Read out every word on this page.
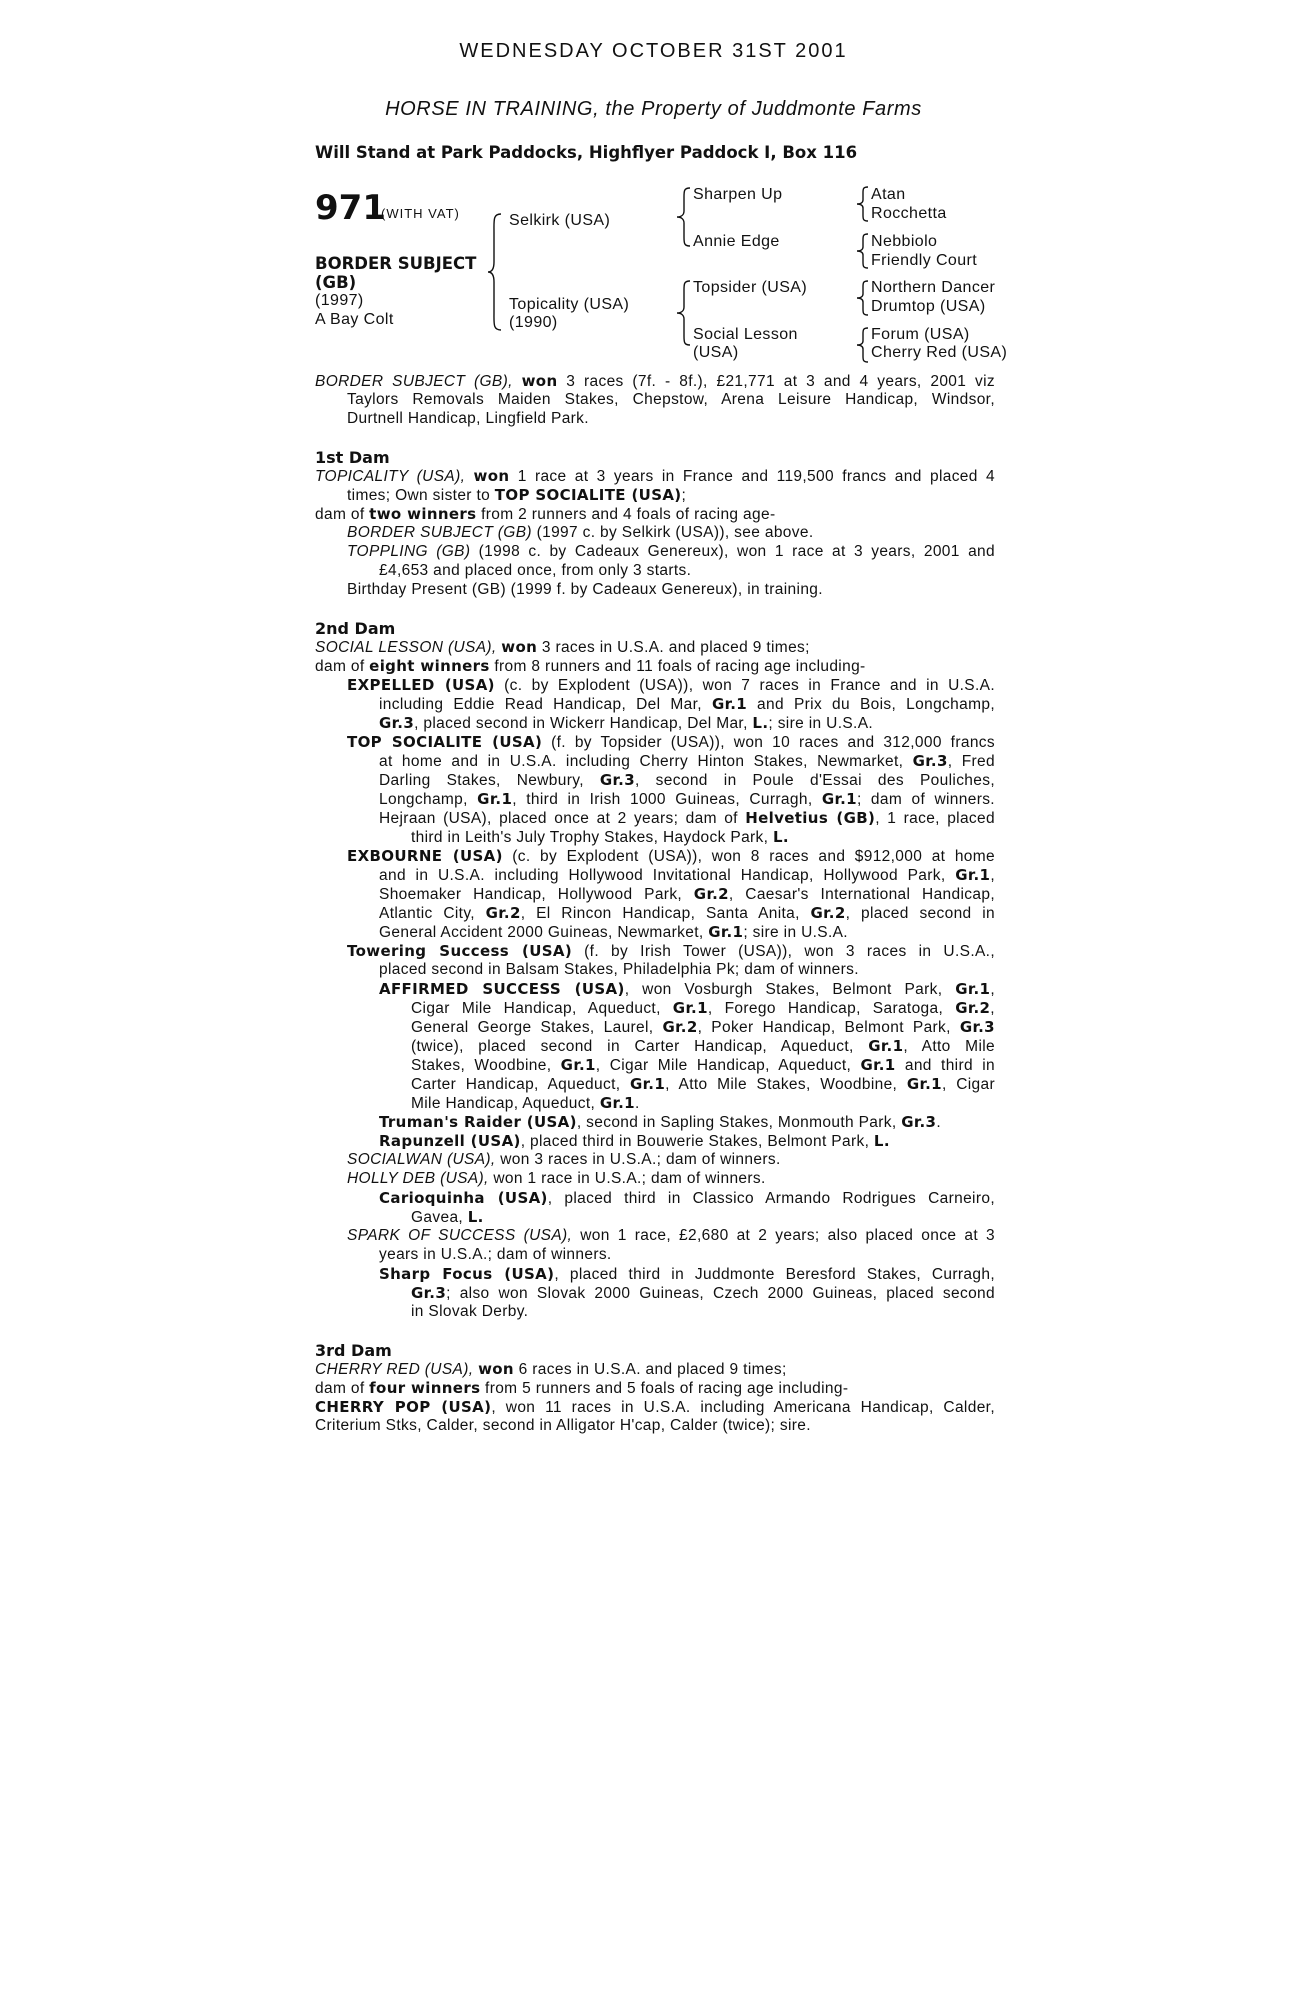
WEDNESDAY OCTOBER 31ST 2001
HORSE IN TRAINING, the Property of Juddmonte Farms
Will Stand at Park Paddocks, Highflyer Paddock I, Box 116
971
(WITH VAT)
BORDER SUBJECT
(GB)
(1997)
A Bay Colt
Selkirk (USA)
Topicality (USA)
(1990)
Sharpen Up
Annie Edge
Topsider (USA)
Social Lesson
(USA)
Atan
Rocchetta
Nebbiolo
Friendly Court
Northern Dancer
Drumtop (USA)
Forum (USA)
Cherry Red (USA)
BORDER SUBJECT (GB), won 3 races (7f. - 8f.), £21,771 at 3 and 4 years, 2001 viz
Taylors Removals Maiden Stakes, Chepstow, Arena Leisure Handicap, Windsor,
Durtnell Handicap, Lingfield Park.
1st Dam
TOPICALITY (USA), won 1 race at 3 years in France and 119,500 francs and placed 4
times; Own sister to TOP SOCIALITE (USA);
dam of two winners from 2 runners and 4 foals of racing age-
BORDER SUBJECT (GB) (1997 c. by Selkirk (USA)), see above.
TOPPLING (GB) (1998 c. by Cadeaux Genereux), won 1 race at 3 years, 2001 and
£4,653 and placed once, from only 3 starts.
Birthday Present (GB) (1999 f. by Cadeaux Genereux), in training.
2nd Dam
SOCIAL LESSON (USA), won 3 races in U.S.A. and placed 9 times;
dam of eight winners from 8 runners and 11 foals of racing age including-
EXPELLED (USA) (c. by Explodent (USA)), won 7 races in France and in U.S.A.
including Eddie Read Handicap, Del Mar, Gr.1 and Prix du Bois, Longchamp,
Gr.3, placed second in Wickerr Handicap, Del Mar, L.; sire in U.S.A.
TOP SOCIALITE (USA) (f. by Topsider (USA)), won 10 races and 312,000 francs
at home and in U.S.A. including Cherry Hinton Stakes, Newmarket, Gr.3, Fred
Darling Stakes, Newbury, Gr.3, second in Poule d'Essai des Pouliches,
Longchamp, Gr.1, third in Irish 1000 Guineas, Curragh, Gr.1; dam of winners.
Hejraan (USA), placed once at 2 years; dam of Helvetius (GB), 1 race, placed
third in Leith's July Trophy Stakes, Haydock Park, L.
EXBOURNE (USA) (c. by Explodent (USA)), won 8 races and $912,000 at home
and in U.S.A. including Hollywood Invitational Handicap, Hollywood Park, Gr.1,
Shoemaker Handicap, Hollywood Park, Gr.2, Caesar's International Handicap,
Atlantic City, Gr.2, El Rincon Handicap, Santa Anita, Gr.2, placed second in
General Accident 2000 Guineas, Newmarket, Gr.1; sire in U.S.A.
Towering Success (USA) (f. by Irish Tower (USA)), won 3 races in U.S.A.,
placed second in Balsam Stakes, Philadelphia Pk; dam of winners.
AFFIRMED SUCCESS (USA), won Vosburgh Stakes, Belmont Park, Gr.1,
Cigar Mile Handicap, Aqueduct, Gr.1, Forego Handicap, Saratoga, Gr.2,
General George Stakes, Laurel, Gr.2, Poker Handicap, Belmont Park, Gr.3
(twice), placed second in Carter Handicap, Aqueduct, Gr.1, Atto Mile
Stakes, Woodbine, Gr.1, Cigar Mile Handicap, Aqueduct, Gr.1 and third in
Carter Handicap, Aqueduct, Gr.1, Atto Mile Stakes, Woodbine, Gr.1, Cigar
Mile Handicap, Aqueduct, Gr.1.
Truman's Raider (USA), second in Sapling Stakes, Monmouth Park, Gr.3.
Rapunzell (USA), placed third in Bouwerie Stakes, Belmont Park, L.
SOCIALWAN (USA), won 3 races in U.S.A.; dam of winners.
HOLLY DEB (USA), won 1 race in U.S.A.; dam of winners.
Carioquinha (USA), placed third in Classico Armando Rodrigues Carneiro,
Gavea, L.
SPARK OF SUCCESS (USA), won 1 race, £2,680 at 2 years; also placed once at 3
years in U.S.A.; dam of winners.
Sharp Focus (USA), placed third in Juddmonte Beresford Stakes, Curragh,
Gr.3; also won Slovak 2000 Guineas, Czech 2000 Guineas, placed second
in Slovak Derby.
3rd Dam
CHERRY RED (USA), won 6 races in U.S.A. and placed 9 times;
dam of four winners from 5 runners and 5 foals of racing age including-
CHERRY POP (USA), won 11 races in U.S.A. including Americana Handicap, Calder,
Criterium Stks, Calder, second in Alligator H'cap, Calder (twice); sire.
